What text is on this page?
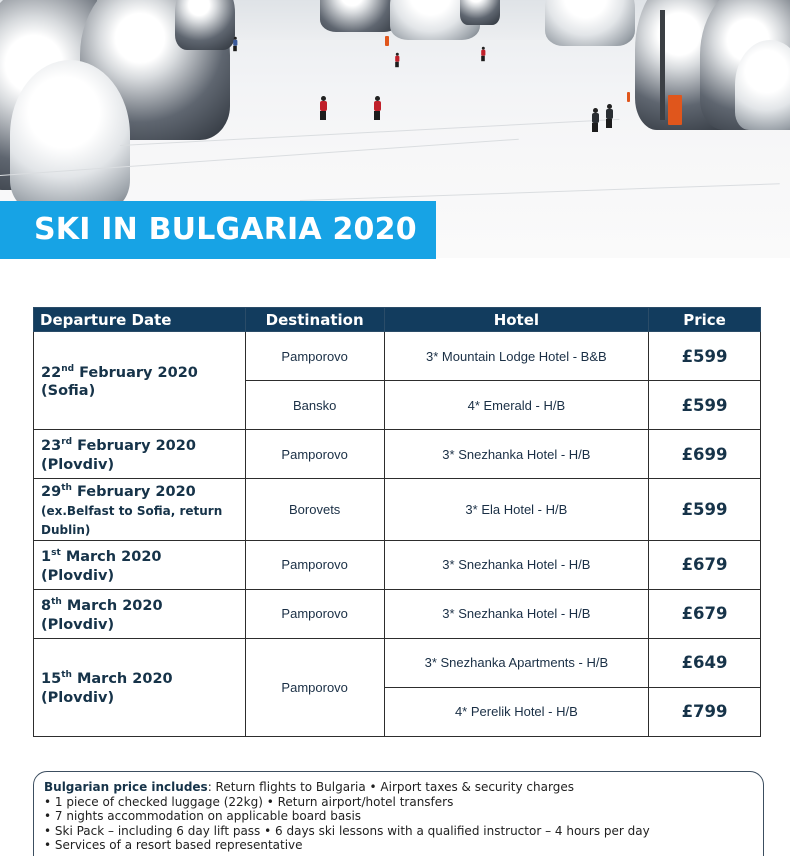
SKI IN BULGARIA 2020
Departure Date	Destination	Hotel	Price
22nd February 2020
(Sofia)	Pamporovo	3* Mountain Lodge Hotel - B&B	£599
	Bansko	4* Emerald - H/B	£599
23rd February 2020
(Plovdiv)	Pamporovo	3* Snezhanka Hotel - H/B	£699
29th February 2020
(ex.Belfast to Sofia, return Dublin)	Borovets	3* Ela Hotel - H/B	£599
1st March 2020
(Plovdiv)	Pamporovo	3* Snezhanka Hotel - H/B	£679
8th March 2020
(Plovdiv)	Pamporovo	3* Snezhanka Hotel - H/B	£679
15th March 2020
(Plovdiv)	Pamporovo	3* Snezhanka Apartments - H/B	£649
		4* Perelik Hotel - H/B	£799
Bulgarian price includes: Return flights to Bulgaria • Airport taxes & security charges
• 1 piece of checked luggage (22kg) • Return airport/hotel transfers
• 7 nights accommodation on applicable board basis
• Ski Pack – including 6 day lift pass • 6 days ski lessons with a qualified instructor – 4 hours per day
• Services of a resort based representative
